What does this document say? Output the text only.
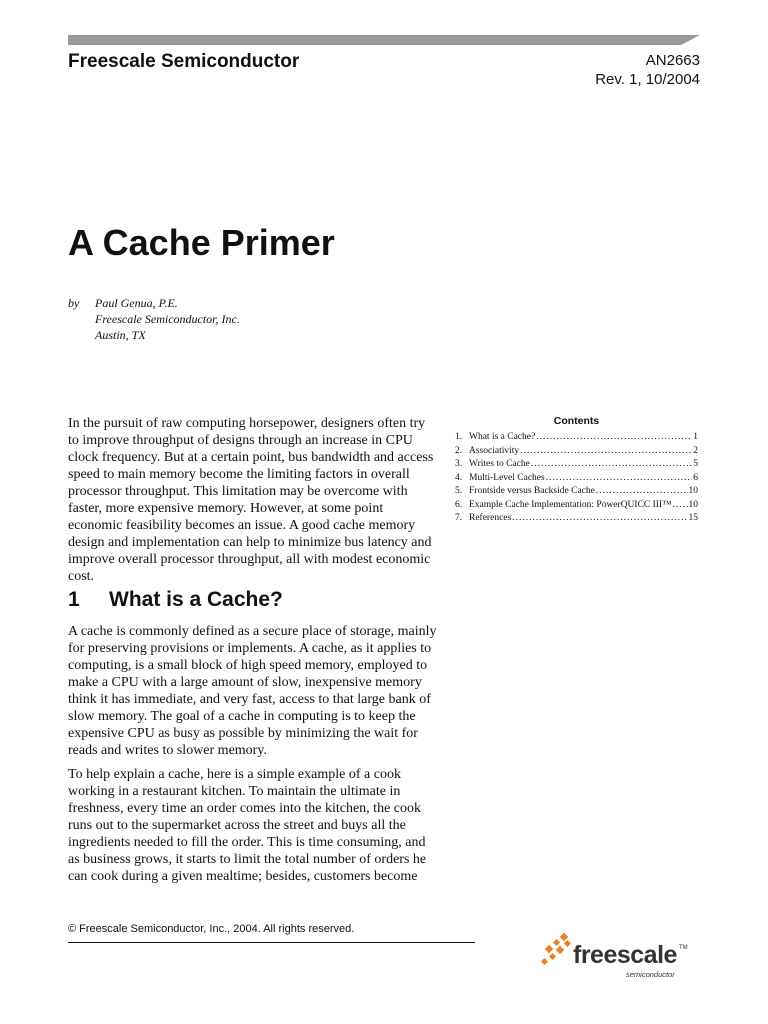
Freescale Semiconductor	AN2663
Rev. 1, 10/2004
A Cache Primer
by Paul Genua, P.E.
Freescale Semiconductor, Inc.
Austin, TX

In the pursuit of raw computing horsepower, designers often try to improve throughput of designs through an increase in CPU clock frequency. But at a certain point, bus bandwidth and access speed to main memory become the limiting factors in overall processor throughput. This limitation may be overcome with faster, more expensive memory. However, at some point economic feasibility becomes an issue. A good cache memory design and implementation can help to minimize bus latency and improve overall processor throughput, all with modest economic cost.

Contents
1. What is a Cache? .....	1
2. Associativity .....	2
3. Writes to Cache .....	5
4. Multi-Level Caches .....	6
5. Frontside versus Backside Cache .....	10
6. Example Cache Implementation: PowerQUICC III™ ..... 10
7. References .....	15
1 What is a Cache?

A cache is commonly defined as a secure place of storage, mainly for preserving provisions or implements. A cache, as it applies to computing, is a small block of high speed memory, employed to make a CPU with a large amount of slow, inexpensive memory think it has immediate, and very fast, access to that large bank of slow memory. The goal of a cache in computing is to keep the expensive CPU as busy as possible by minimizing the wait for reads and writes to slower memory.

To help explain a cache, here is a simple example of a cook working in a restaurant kitchen. To maintain the ultimate in freshness, every time an order comes into the kitchen, the cook runs out to the supermarket across the street and buys all the ingredients needed to fill the order. This is time consuming, and as business grows, it starts to limit the total number of orders he can cook during a given mealtime; besides, customers become

© Freescale Semiconductor, Inc., 2004. All rights reserved.
freescale TM
semiconductor
